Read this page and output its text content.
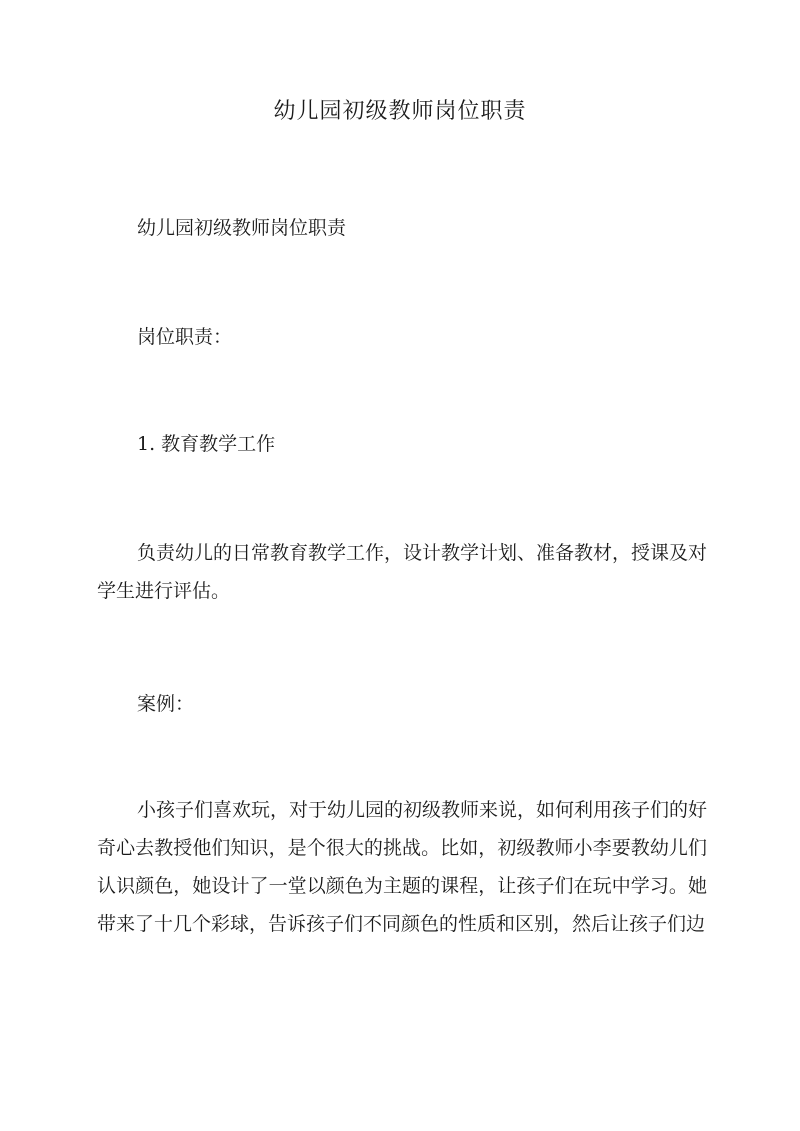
幼儿园初级教师岗位职责

幼儿园初级教师岗位职责

岗位职责：

1. 教育教学工作

负责幼儿的日常教育教学工作，设计教学计划、准备教材，授课及对学生进行评估。

案例：

小孩子们喜欢玩，对于幼儿园的初级教师来说，如何利用孩子们的好奇心去教授他们知识，是个很大的挑战。比如，初级教师小李要教幼儿们认识颜色，她设计了一堂以颜色为主题的课程，让孩子们在玩中学习。她带来了十几个彩球，告诉孩子们不同颜色的性质和区别，然后让孩子们边
